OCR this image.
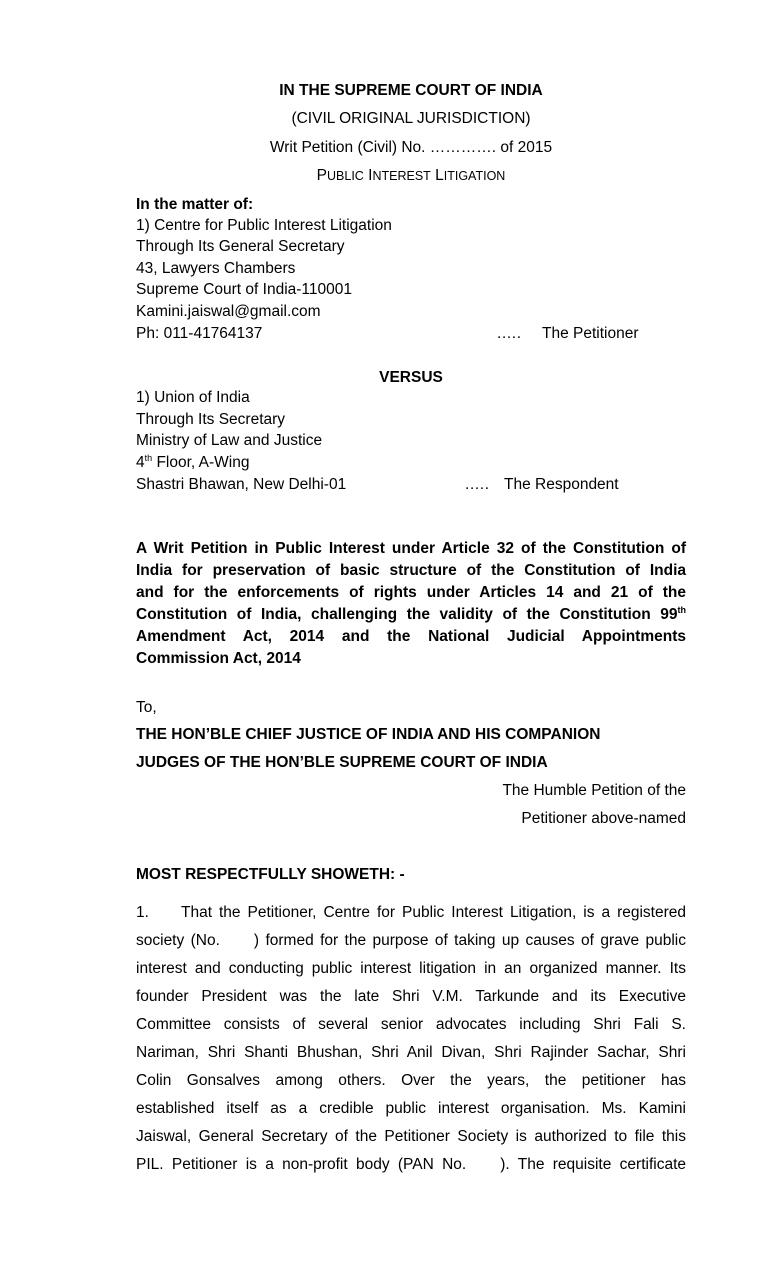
IN THE SUPREME COURT OF INDIA
(CIVIL ORIGINAL JURISDICTION)
Writ Petition (Civil) No. …………. of 2015
PUBLIC INTEREST LITIGATION
In the matter of:
1) Centre for Public Interest Litigation
Through Its General Secretary
43, Lawyers Chambers
Supreme Court of India-110001
Kamini.jaiswal@gmail.com
Ph: 011-41764137	.…. The Petitioner
VERSUS
1) Union of India
Through Its Secretary
Ministry of Law and Justice
4th Floor, A-Wing
Shastri Bhawan, New Delhi-01	.…. The Respondent
A Writ Petition in Public Interest under Article 32 of the Constitution of
India for preservation of basic structure of the Constitution of India
and for the enforcements of rights under Articles 14 and 21 of the
Constitution of India, challenging the validity of the Constitution 99th
Amendment Act, 2014 and the National Judicial Appointments
Commission Act, 2014
To,
THE HON’BLE CHIEF JUSTICE OF INDIA AND HIS COMPANION
JUDGES OF THE HON’BLE SUPREME COURT OF INDIA
The Humble Petition of the
Petitioner above-named
MOST RESPECTFULLY SHOWETH: -
1. That the Petitioner, Centre for Public Interest Litigation, is a registered
society (No. ) formed for the purpose of taking up causes of grave public
interest and conducting public interest litigation in an organized manner. Its
founder President was the late Shri V.M. Tarkunde and its Executive
Committee consists of several senior advocates including Shri Fali S.
Nariman, Shri Shanti Bhushan, Shri Anil Divan, Shri Rajinder Sachar, Shri
Colin Gonsalves among others. Over the years, the petitioner has
established itself as a credible public interest organisation. Ms. Kamini
Jaiswal, General Secretary of the Petitioner Society is authorized to file this
PIL. Petitioner is a non-profit body (PAN No. ). The requisite certificate
